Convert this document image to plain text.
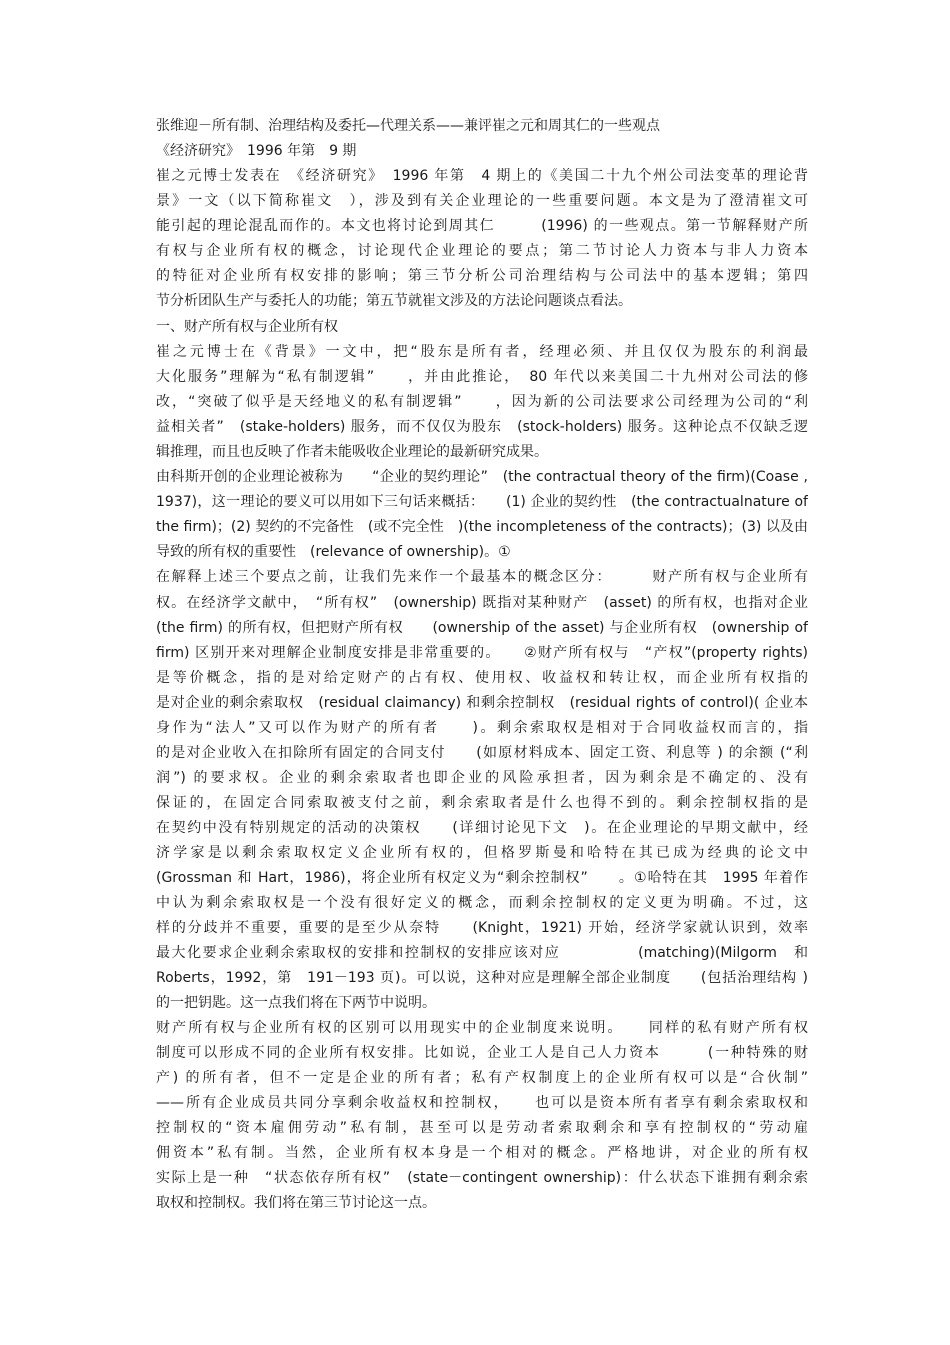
张维迎－所有制、治理结构及委托—代理关系——兼评崔之元和周其仁的一些观点
《经济研究》　1996 年第　9 期
崔之元博士发表在　《经济研究》　1996 年第　4 期上的《美国二十九个州公司法变革的理论背
景》一文（以下简称崔文　），涉及到有关企业理论的一些重要问题。本文是为了澄清崔文可
能引起的理论混乱而作的。本文也将讨论到周其仁　　　(1996) 的一些观点。第一节解释财产所
有权与企业所有权的概念，讨论现代企业理论的要点；第二节讨论人力资本与非人力资本
的特征对企业所有权安排的影响；第三节分析公司治理结构与公司法中的基本逻辑；第四
节分析团队生产与委托人的功能；第五节就崔文涉及的方法论问题谈点看法。
一、财产所有权与企业所有权
崔之元博士在《背景》一文中，把“股东是所有者，经理必须、并且仅仅为股东的利润最
大化服务”理解为“私有制逻辑”　　，并由此推论，　80 年代以来美国二十九州对公司法的修
改，“突破了似乎是天经地义的私有制逻辑”　　，因为新的公司法要求公司经理为公司的“利
益相关者”　(stake-holders) 服务，而不仅仅为股东　(stock-holders) 服务。这种论点不仅缺乏逻
辑推理，而且也反映了作者未能吸收企业理论的最新研究成果。
由科斯开创的企业理论被称为　　“企业的契约理论”　(the contractual theory of the firm)(Coase ,
1937)，这一理论的要义可以用如下三句话来概括：　　(1) 企业的契约性　(the contractualnature of
the firm)；(2) 契约的不完备性　(或不完全性　)(the incompleteness of the contracts)；(3) 以及由
导致的所有权的重要性　(relevance of ownership)。①
在解释上述三个要点之前，让我们先来作一个最基本的概念区分：　　　财产所有权与企业所有
权。在经济学文献中，　“所有权”　(ownership) 既指对某种财产　(asset) 的所有权，也指对企业
(the firm) 的所有权，但把财产所有权　　(ownership of the asset) 与企业所有权　(ownership of
firm) 区别开来对理解企业制度安排是非常重要的。　　②财产所有权与　“产权”(property rights)
是等价概念，指的是对给定财产的占有权、使用权、收益权和转让权，而企业所有权指的
是对企业的剩余索取权　(residual claimancy) 和剩余控制权　(residual rights of control)( 企业本
身作为“法人”又可以作为财产的所有者　　)。剩余索取权是相对于合同收益权而言的，指
的是对企业收入在扣除所有固定的合同支付　　(如原材料成本、固定工资、利息等 ) 的余额 (“利
润”) 的要求权。企业的剩余索取者也即企业的风险承担者，因为剩余是不确定的、没有
保证的，在固定合同索取被支付之前，剩余索取者是什么也得不到的。剩余控制权指的是
在契约中没有特别规定的活动的决策权　　(详细讨论见下文　)。在企业理论的早期文献中，经
济学家是以剩余索取权定义企业所有权的，但格罗斯曼和哈特在其已成为经典的论文中
(Grossman 和 Hart，1986)，将企业所有权定义为“剩余控制权”　　。①哈特在其　1995 年着作
中认为剩余索取权是一个没有很好定义的概念，而剩余控制权的定义更为明确。不过，这
样的分歧并不重要，重要的是至少从奈特　　(Knight，1921) 开始，经济学家就认识到，效率
最大化要求企业剩余索取权的安排和控制权的安排应该对应　　　　　(matching)(Milgorm　和
Roberts，1992，第　191－193 页)。可以说，这种对应是理解全部企业制度　　(包括治理结构 )
的一把钥匙。这一点我们将在下两节中说明。
财产所有权与企业所有权的区别可以用现实中的企业制度来说明。　　同样的私有财产所有权
制度可以形成不同的企业所有权安排。比如说，企业工人是自己人力资本　　　(一种特殊的财
产) 的所有者，但不一定是企业的所有者；私有产权制度上的企业所有权可以是“合伙制”
——所有企业成员共同分享剩余收益权和控制权，　　也可以是资本所有者享有剩余索取权和
控制权的“资本雇佣劳动”私有制，甚至可以是劳动者索取剩余和享有控制权的“劳动雇
佣资本”私有制。当然，企业所有权本身是一个相对的概念。严格地讲，对企业的所有权
实际上是一种　“状态依存所有权”　(state－contingent ownership)：什么状态下谁拥有剩余索
取权和控制权。我们将在第三节讨论这一点。
